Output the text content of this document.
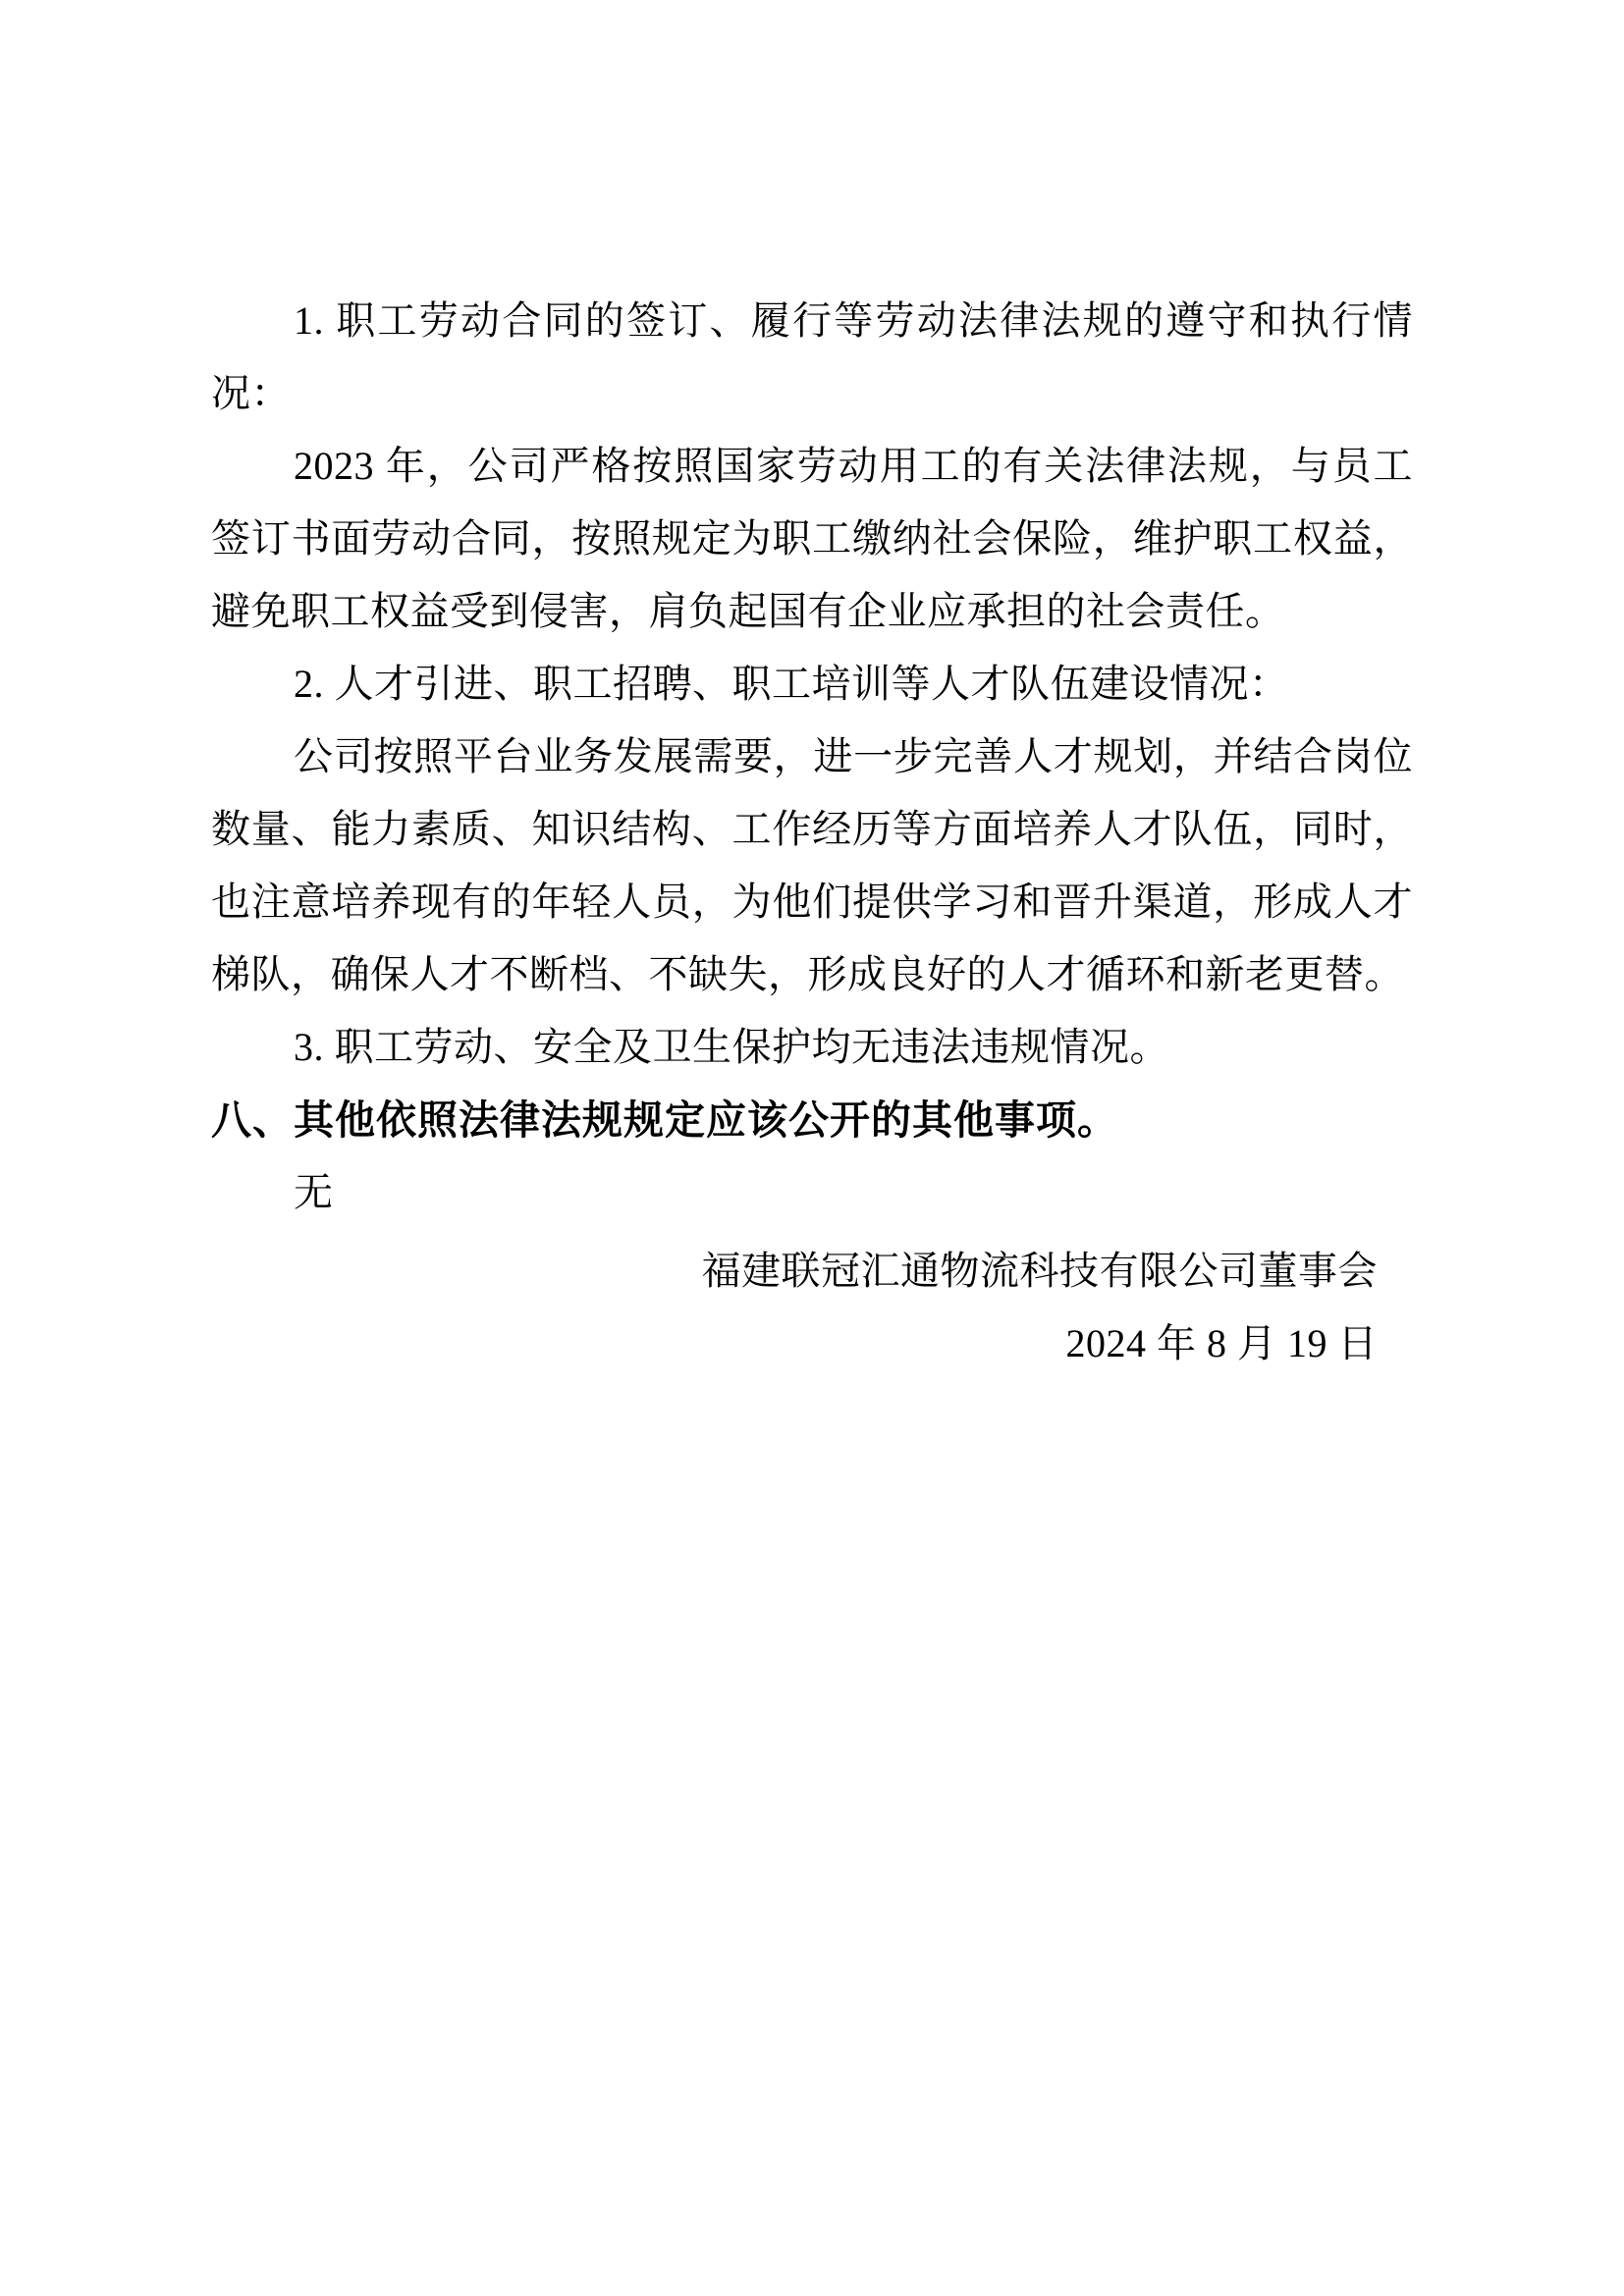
1. 职工劳动合同的签订、履行等劳动法律法规的遵守和执行情况：

2023 年，公司严格按照国家劳动用工的有关法律法规，与员工签订书面劳动合同，按照规定为职工缴纳社会保险，维护职工权益，避免职工权益受到侵害，肩负起国有企业应承担的社会责任。

2. 人才引进、职工招聘、职工培训等人才队伍建设情况：

公司按照平台业务发展需要，进一步完善人才规划，并结合岗位数量、能力素质、知识结构、工作经历等方面培养人才队伍，同时，也注意培养现有的年轻人员，为他们提供学习和晋升渠道，形成人才梯队，确保人才不断档、不缺失，形成良好的人才循环和新老更替。

3. 职工劳动、安全及卫生保护均无违法违规情况。

八、其他依照法律法规规定应该公开的其他事项。

无

福建联冠汇通物流科技有限公司董事会

2024 年 8 月 19 日
